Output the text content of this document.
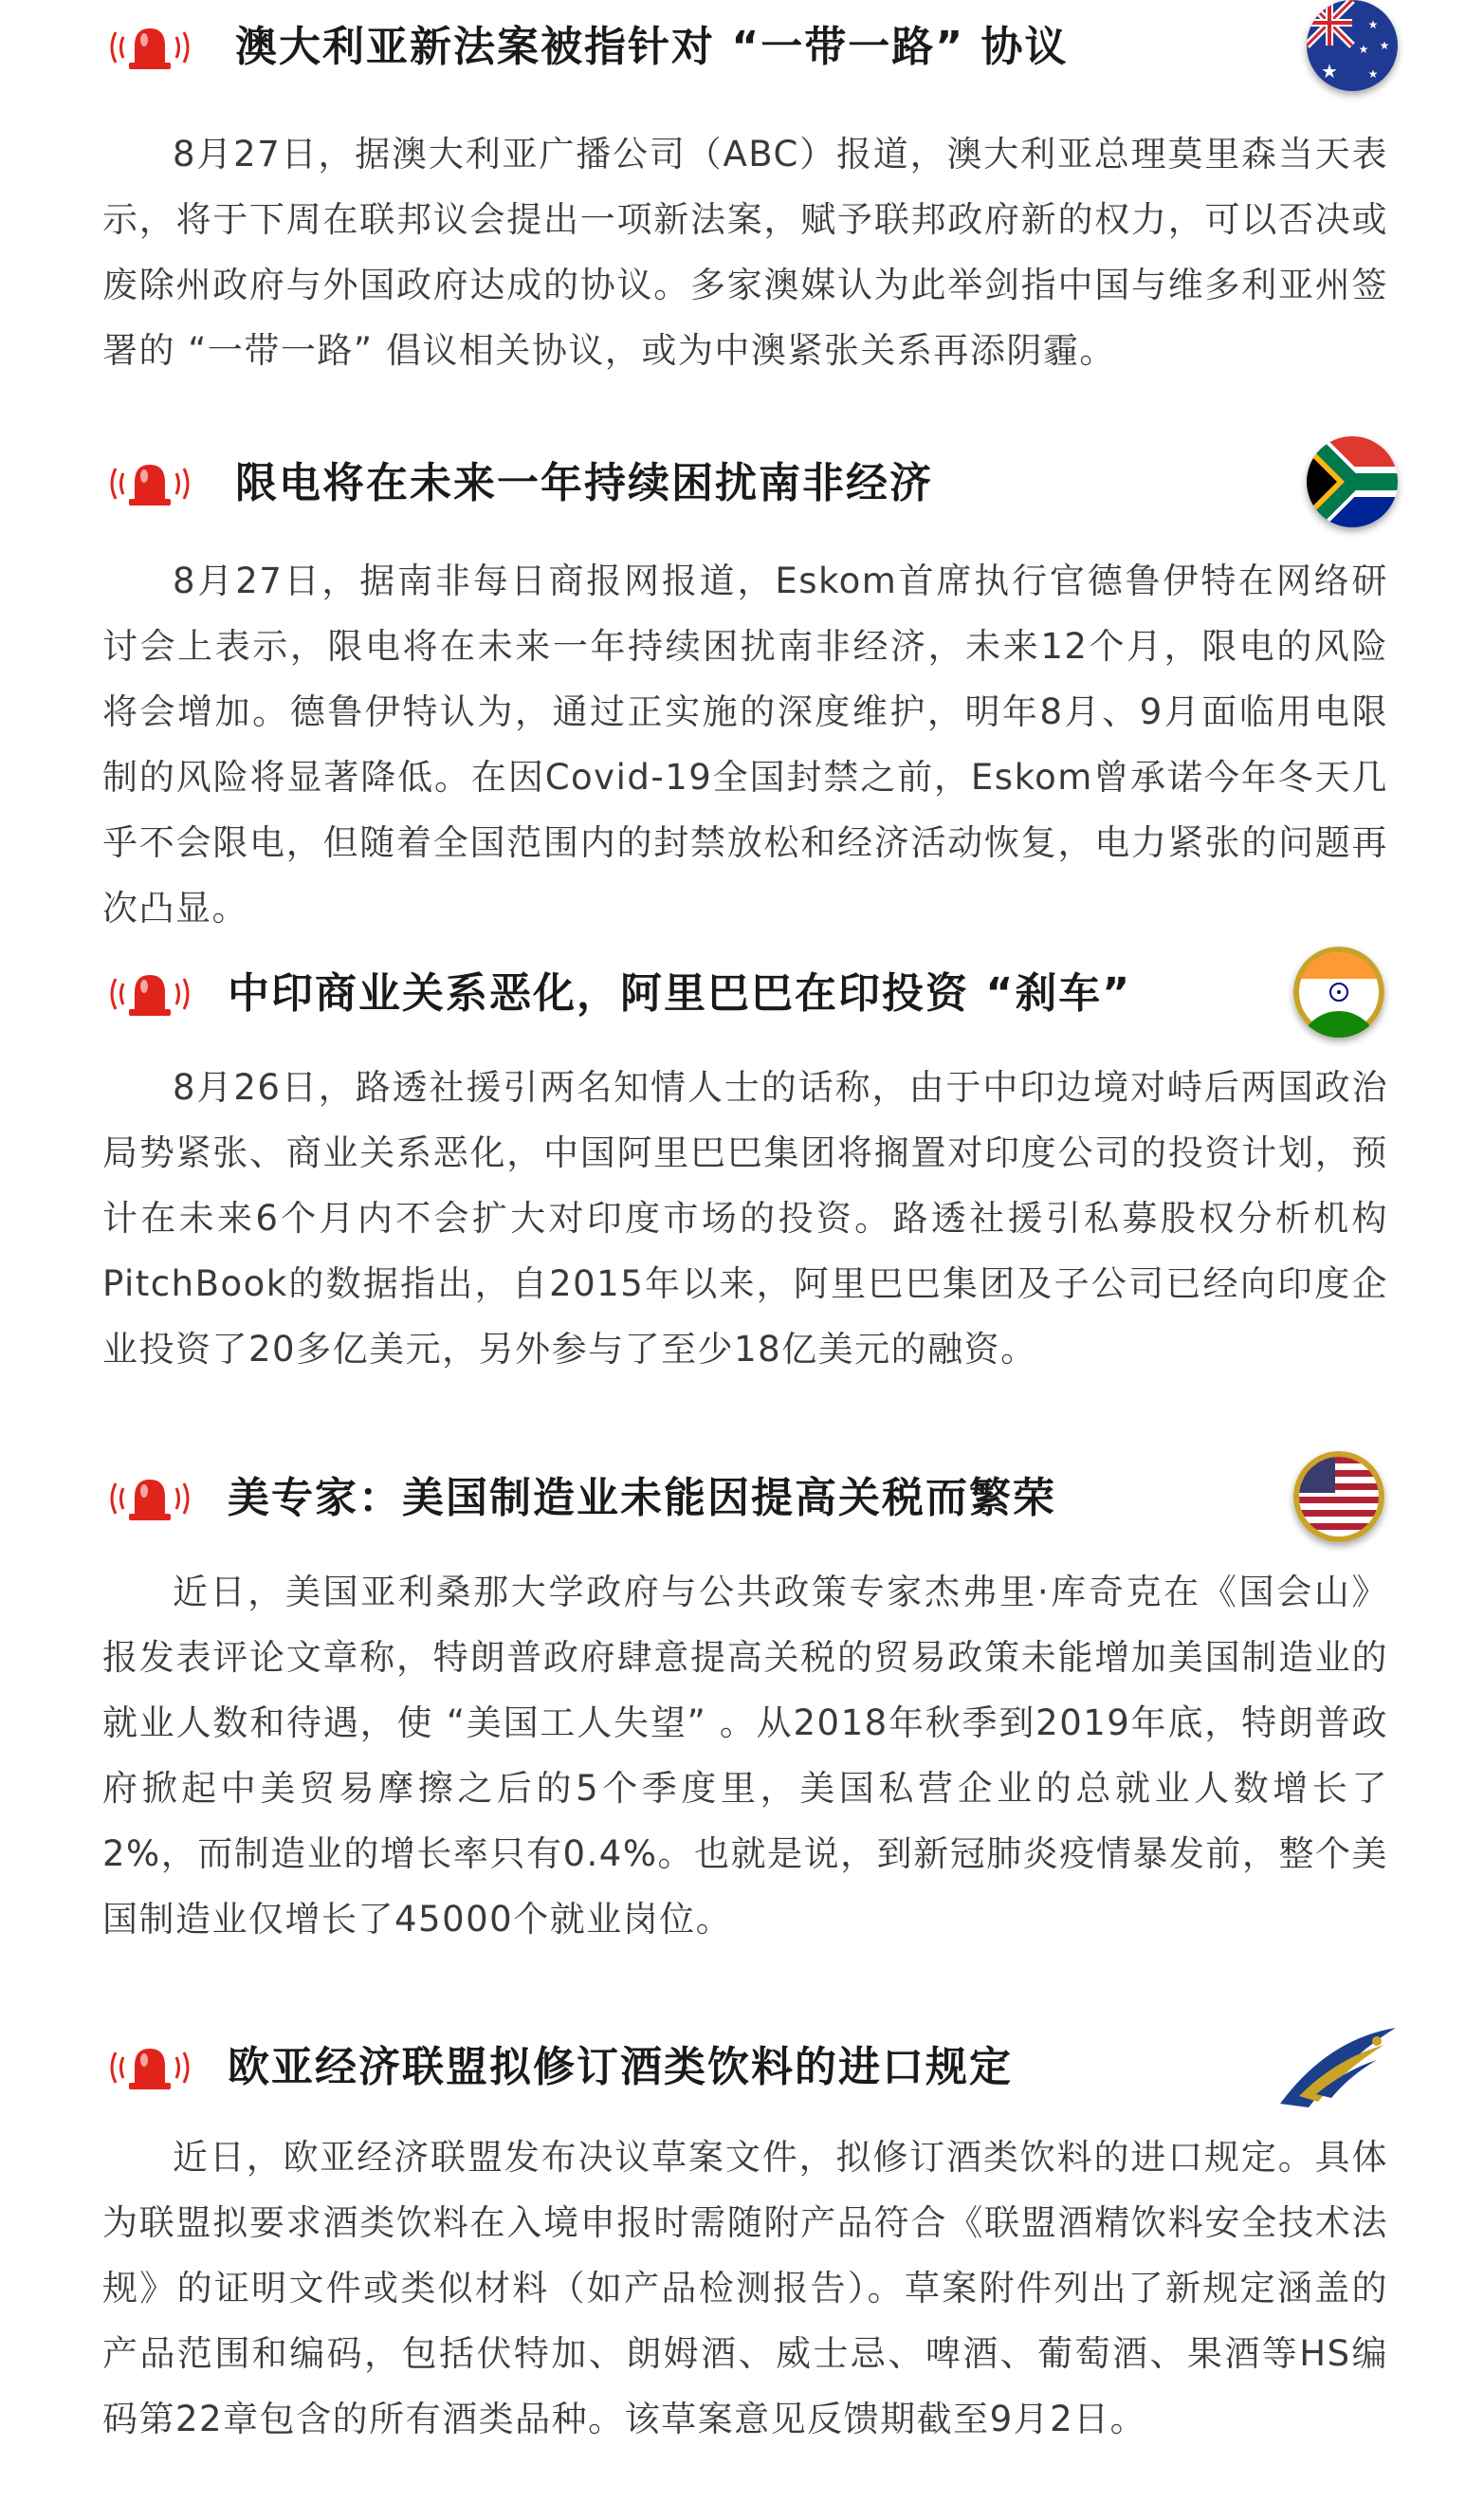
澳大利亚新法案被指针对 “一带一路” 协议	★
★
★
★
★

8月27日，据澳大利亚广播公司（ABC）报道，澳大利亚总理莫里森当天表示，将于下周在联邦议会提出一项新法案，赋予联邦政府新的权力，可以否决或废除州政府与外国政府达成的协议。多家澳媒认为此举剑指中国与维多利亚州签署的 “一带一路” 倡议相关协议，或为中澳紧张关系再添阴霾。

限电将在未来一年持续困扰南非经济

8月27日，据南非每日商报网报道，Eskom首席执行官德鲁伊特在网络研讨会上表示，限电将在未来一年持续困扰南非经济，未来12个月，限电的风险将会增加。德鲁伊特认为，通过正实施的深度维护，明年8月、9月面临用电限制的风险将显著降低。在因Covid-19全国封禁之前，Eskom曾承诺今年冬天几乎不会限电，但随着全国范围内的封禁放松和经济活动恢复，电力紧张的问题再次凸显。

中印商业关系恶化，阿里巴巴在印投资 “刹车”

8月26日，路透社援引两名知情人士的话称，由于中印边境对峙后两国政治局势紧张、商业关系恶化，中国阿里巴巴集团将搁置对印度公司的投资计划，预计在未来6个月内不会扩大对印度市场的投资。路透社援引私募股权分析机构PitchBook的数据指出，自2015年以来，阿里巴巴集团及子公司已经向印度企业投资了20多亿美元，另外参与了至少18亿美元的融资。

美专家：美国制造业未能因提高关税而繁荣

近日，美国亚利桑那大学政府与公共政策专家杰弗里·库奇克在《国会山》报发表评论文章称，特朗普政府肆意提高关税的贸易政策未能增加美国制造业的就业人数和待遇，使 “美国工人失望” 。从2018年秋季到2019年底，特朗普政府掀起中美贸易摩擦之后的5个季度里，美国私营企业的总就业人数增长了2%，而制造业的增长率只有0.4%。也就是说，到新冠肺炎疫情暴发前，整个美国制造业仅增长了45000个就业岗位。

欧亚经济联盟拟修订酒类饮料的进口规定

近日，欧亚经济联盟发布决议草案文件，拟修订酒类饮料的进口规定。具体为联盟拟要求酒类饮料在入境申报时需随附产品符合《联盟酒精饮料安全技术法规》的证明文件或类似材料（如产品检测报告）。草案附件列出了新规定涵盖的产品范围和编码，包括伏特加、朗姆酒、威士忌、啤酒、葡萄酒、果酒等HS编码第22章包含的所有酒类品种。该草案意见反馈期截至9月2日。
